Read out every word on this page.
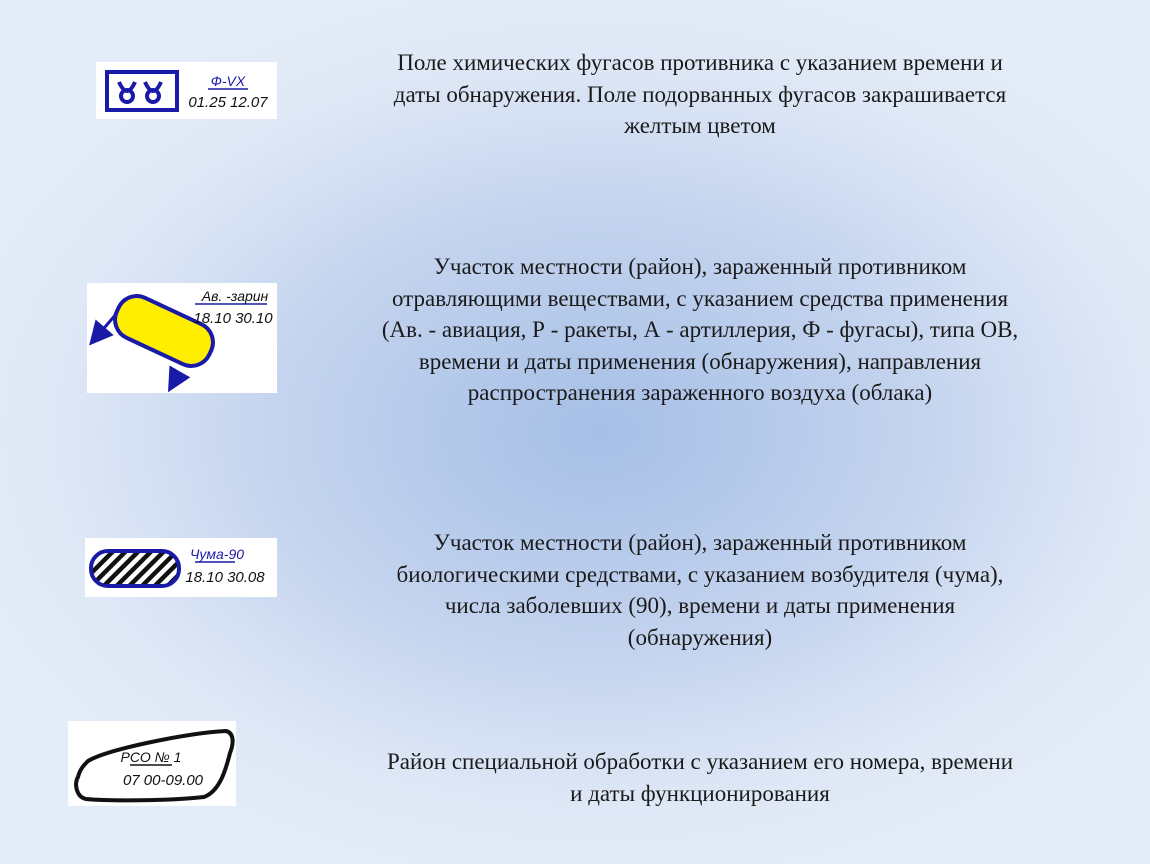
Ф-VX
01.25 12.07

Поле химических фугасов противника с указанием времени и
даты обнаружения. Поле подорванных фугасов закрашивается
желтым цветом

Ав. -зарин
18.10 30.10

Участок местности (район), зараженный противником
отравляющими веществами, с указанием средства применения
(Ав. - авиация, Р - ракеты, А - артиллерия, Ф - фугасы), типа ОВ,
времени и даты применения (обнаружения), направления
распространения зараженного воздуха (облака)

Чума-90
18.10 30.08

Участок местности (район), зараженный противником
биологическими средствами, с указанием возбудителя (чума),
числа заболевших (90), времени и даты применения
(обнаружения)

РСО № 1
07 00-09.00

Район специальной обработки с указанием его номера, времени
и даты функционирования
